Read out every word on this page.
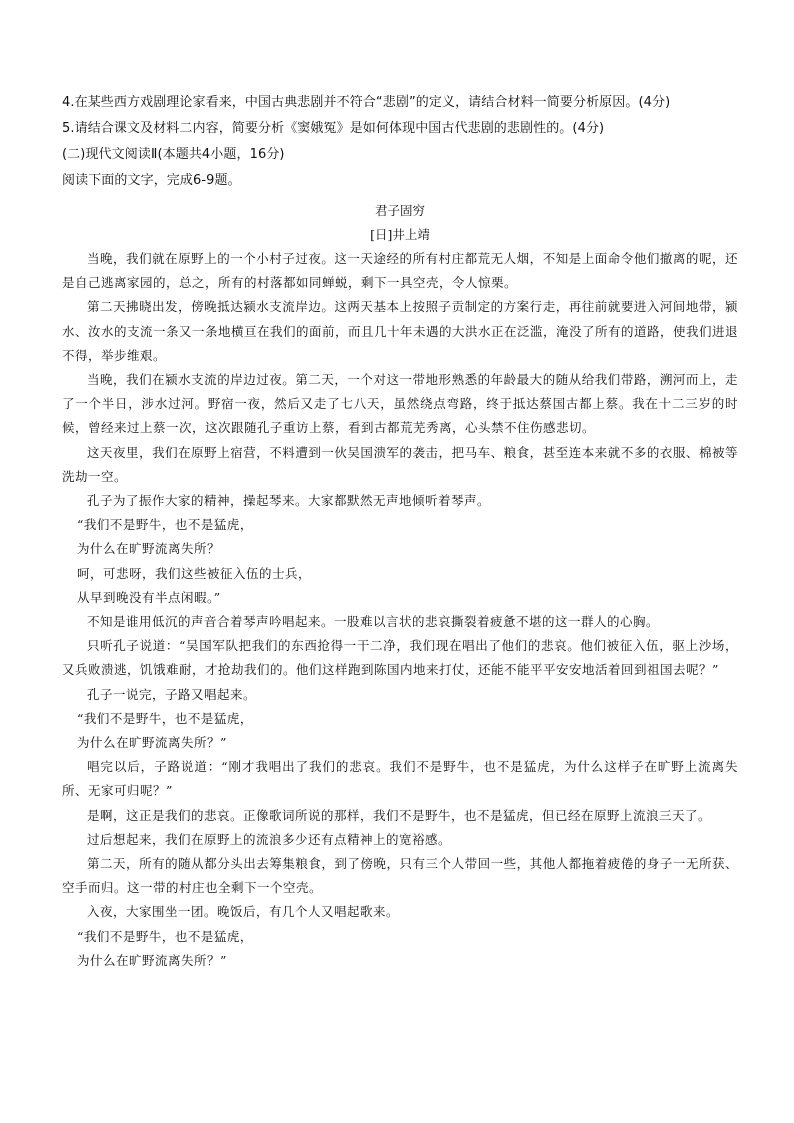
4.在某些西方戏剧理论家看来，中国古典悲剧并不符合“悲剧”的定义，请结合材料一简要分析原因。(4分)
5.请结合课文及材料二内容，简要分析《窦娥冤》是如何体现中国古代悲剧的悲剧性的。(4分)
(二)现代文阅读Ⅱ(本题共4小题，16分)
阅读下面的文字，完成6-9题。
君子固穷
[日]井上靖
当晚，我们就在原野上的一个小村子过夜。这一天途经的所有村庄都荒无人烟，不知是上面命令他们撤离的呢，还是自己逃离家园的，总之，所有的村落都如同蝉蜕，剩下一具空壳，令人惊栗。
第二天拂晓出发，傍晚抵达颍水支流岸边。这两天基本上按照子贡制定的方案行走，再往前就要进入河间地带，颍水、汝水的支流一条又一条地横亘在我们的面前，而且几十年未遇的大洪水正在泛滥，淹没了所有的道路，使我们进退不得，举步维艰。
当晚，我们在颍水支流的岸边过夜。第二天，一个对这一带地形熟悉的年龄最大的随从给我们带路，溯河而上，走了一个半日，涉水过河。野宿一夜，然后又走了七八天，虽然绕点弯路，终于抵达蔡国古都上蔡。我在十二三岁的时候，曾经来过上蔡一次，这次跟随孔子重访上蔡，看到古都荒芜秀离，心头禁不住伤感悲切。
这天夜里，我们在原野上宿营，不料遭到一伙吴国溃军的袭击，把马车、粮食，甚至连本来就不多的衣服、棉被等洗劫一空。
孔子为了振作大家的精神，操起琴来。大家都默然无声地倾听着琴声。
“我们不是野牛，也不是猛虎，
为什么在旷野流离失所？
呵，可悲呀，我们这些被征入伍的士兵，
从早到晚没有半点闲暇。”
不知是谁用低沉的声音合着琴声吟唱起来。一股难以言状的悲哀撕裂着疲惫不堪的这一群人的心胸。
只听孔子说道：“吴国军队把我们的东西抢得一干二净，我们现在唱出了他们的悲哀。他们被征入伍，驱上沙场，又兵败溃逃，饥饿难耐，才抢劫我们的。他们这样跑到陈国内地来打仗，还能不能平平安安地活着回到祖国去呢？”
孔子一说完，子路又唱起来。
“我们不是野牛，也不是猛虎，
为什么在旷野流离失所？”
唱完以后，子路说道：“刚才我唱出了我们的悲哀。我们不是野牛，也不是猛虎，为什么这样子在旷野上流离失所、无家可归呢？”
是啊，这正是我们的悲哀。正像歌词所说的那样，我们不是野牛，也不是猛虎，但已经在原野上流浪三天了。
过后想起来，我们在原野上的流浪多少还有点精神上的宽裕感。
第二天，所有的随从都分头出去筹集粮食，到了傍晚，只有三个人带回一些，其他人都拖着疲倦的身子一无所获、空手而归。这一带的村庄也全剩下一个空壳。
入夜，大家围坐一团。晚饭后，有几个人又唱起歌来。
“我们不是野牛，也不是猛虎，
为什么在旷野流离失所？”
